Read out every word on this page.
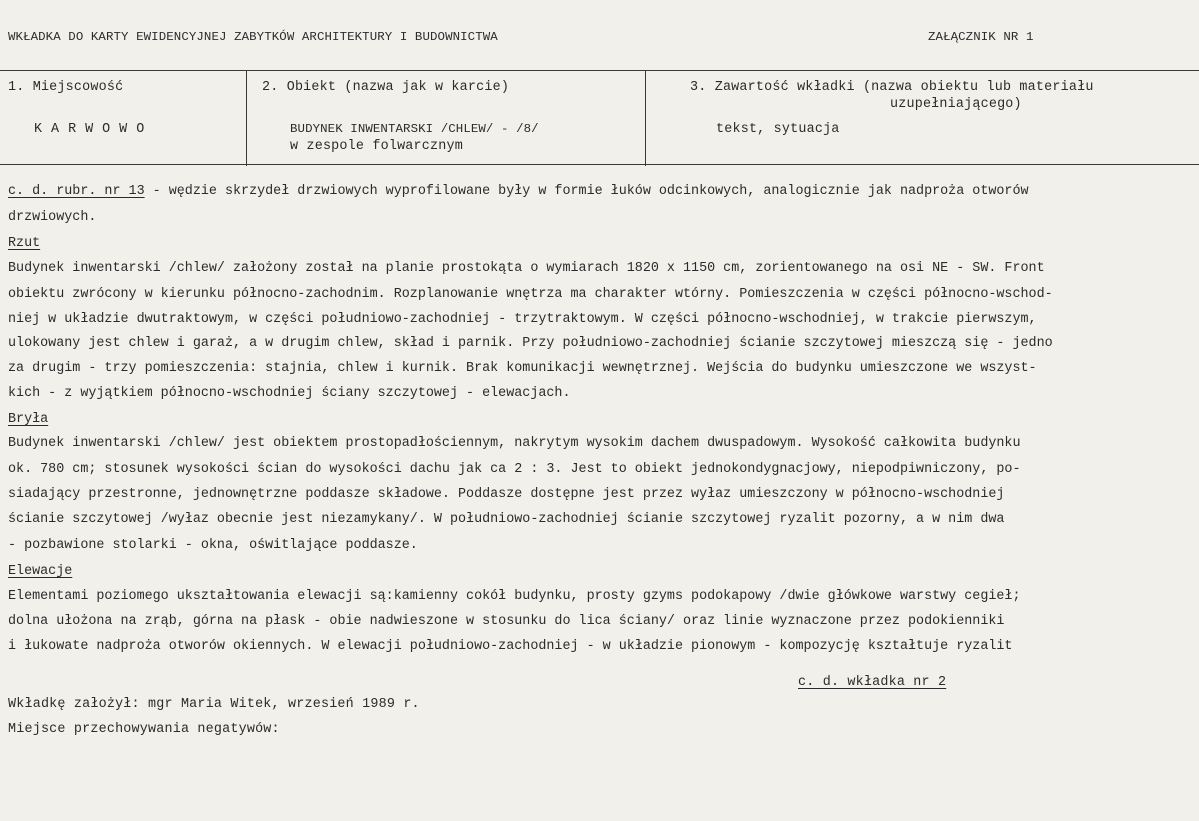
WKŁADKA DO KARTY EWIDENCYJNEJ ZABYTKÓW ARCHITEKTURY I BUDOWNICTWA	ZAŁĄCZNIK NR 1
1. Miejscowość
KARWOWO
2. Obiekt (nazwa jak w karcie)
BUDYNEK INWENTARSKI /CHLEW/ - /8/
w zespole folwarcznym
3. Zawartość wkładki (nazwa obiektu lub materiału
uzupełniającego)
tekst, sytuacja
c. d. rubr. nr 13 - wędzie skrzydeł drzwiowych wyprofilowane były w formie łuków odcinkowych, analogicznie jak nadproża otworów
drzwiowych.
Rzut
Budynek inwentarski /chlew/ założony został na planie prostokąta o wymiarach 1820 x 1150 cm, zorientowanego na osi NE - SW. Front
obiektu zwrócony w kierunku północno-zachodnim. Rozplanowanie wnętrza ma charakter wtórny. Pomieszczenia w części północno-wschod-
niej w układzie dwutraktowym, w części południowo-zachodniej - trzytraktowym. W części północno-wschodniej, w trakcie pierwszym,
ulokowany jest chlew i garaż, a w drugim chlew, skład i parnik. Przy południowo-zachodniej ścianie szczytowej mieszczą się - jedno
za drugim - trzy pomieszczenia: stajnia, chlew i kurnik. Brak komunikacji wewnętrznej. Wejścia do budynku umieszczone we wszyst-
kich - z wyjątkiem północno-wschodniej ściany szczytowej - elewacjach.
Bryła
Budynek inwentarski /chlew/ jest obiektem prostopadłościennym, nakrytym wysokim dachem dwuspadowym. Wysokość całkowita budynku
ok. 780 cm; stosunek wysokości ścian do wysokości dachu jak ca 2 : 3. Jest to obiekt jednokondygnacjowy, niepodpiwniczony, po-
siadający przestronne, jednownętrzne poddasze składowe. Poddasze dostępne jest przez wyłaz umieszczony w północno-wschodniej
ścianie szczytowej /wyłaz obecnie jest niezamykany/. W południowo-zachodniej ścianie szczytowej ryzalit pozorny, a w nim dwa
- pozbawione stolarki - okna, oświtlające poddasze.
Elewacje
Elementami poziomego ukształtowania elewacji są:kamienny cokół budynku, prosty gzyms podokapowy /dwie główkowe warstwy cegieł;
dolna ułożona na zrąb, górna na płask - obie nadwieszone w stosunku do lica ściany/ oraz linie wyznaczone przez podokienniki
i łukowate nadproża otworów okiennych. W elewacji południowo-zachodniej - w układzie pionowym - kompozycję kształtuje ryzalit
c. d. wkładka nr 2
Wkładkę założył: mgr Maria Witek, wrzesień 1989 r.
Miejsce przechowywania negatywów:
